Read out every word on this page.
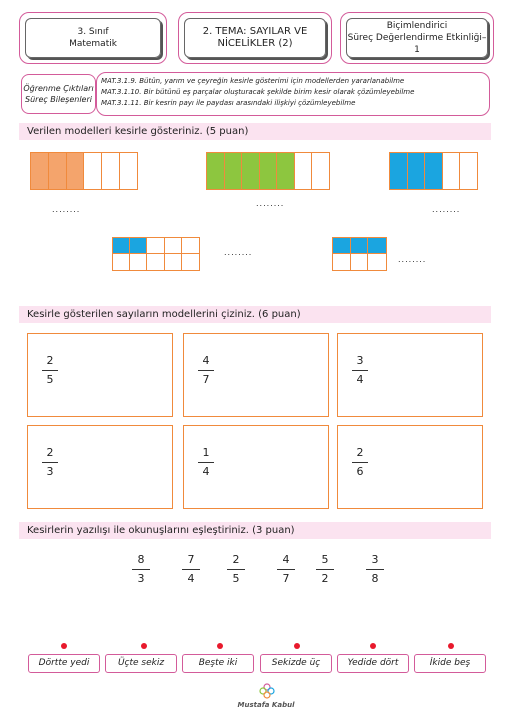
3. Sınıf
Matematik
2. TEMA: SAYILAR VE
NİCELİKLER (2)
Biçimlendirici
Süreç Değerlendirme Etkinliği–1
Öğrenme Çıktıları
Süreç Bileşenleri
MAT.3.1.9. Bütün, yarım ve çeyreğin kesirle gösterimi için modellerden yararlanabilme
MAT.3.1.10. Bir bütünü eş parçalar oluşturacak şekilde birim kesir olarak çözümleyebilme
MAT.3.1.11. Bir kesrin payı ile paydası arasındaki ilişkiyi çözümleyebilme
Verilen modelleri kesirle gösteriniz. (5 puan)
........
........
........
........
........
Kesirle gösterilen sayıların modellerini çiziniz. (6 puan)
2
5
4
7
3
4
2
3
1
4
2
6
Kesirlerin yazılışı ile okunuşlarını eşleştiriniz. (3 puan)
8
3
7
4
2
5
4
7
5
2
3
8
Dörtte yedi	Üçte sekiz	Beşte iki	Sekizde üç	Yedide dört	İkide beş
Mustafa Kabul
